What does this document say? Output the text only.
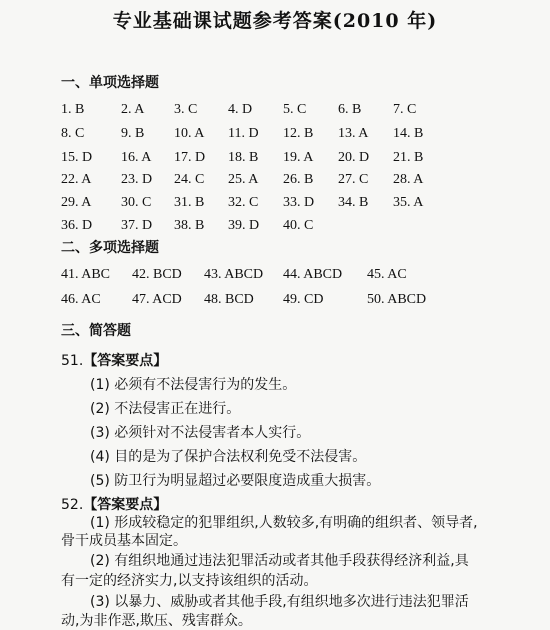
专业基础课试题参考答案(2010 年)
一、单项选择题
1. B	2. A 3. C 4. D 5. C 6. B 7. C
8. C	9. B 10. A 11. D 12. B 13. A 14. B
15. D 16. A 17. D 18. B 19. A 20. D 21. B
22. A 23. D 24. C 25. A 26. B 27. C 28. A
29. A 30. C 31. B 32. C 33. D 34. B 35. A
36. D 37. D 38. B 39. D 40. C
二、多项选择题
41. ABC 42. BCD 43. ABCD 44. ABCD 45. AC
46. AC 47. ACD 48. BCD 49. CD	50. ABCD
三、简答题
51.【答案要点】
(1) 必须有不法侵害行为的发生。
(2) 不法侵害正在进行。
(3) 必须针对不法侵害者本人实行。
(4) 目的是为了保护合法权利免受不法侵害。
(5) 防卫行为明显超过必要限度造成重大损害。
52.【答案要点】
(1) 形成较稳定的犯罪组织,人数较多,有明确的组织者、领导者,
骨干成员基本固定。
(2) 有组织地通过违法犯罪活动或者其他手段获得经济利益,具
有一定的经济实力,以支持该组织的活动。
(3) 以暴力、威胁或者其他手段,有组织地多次进行违法犯罪活
动,为非作恶,欺压、残害群众。
